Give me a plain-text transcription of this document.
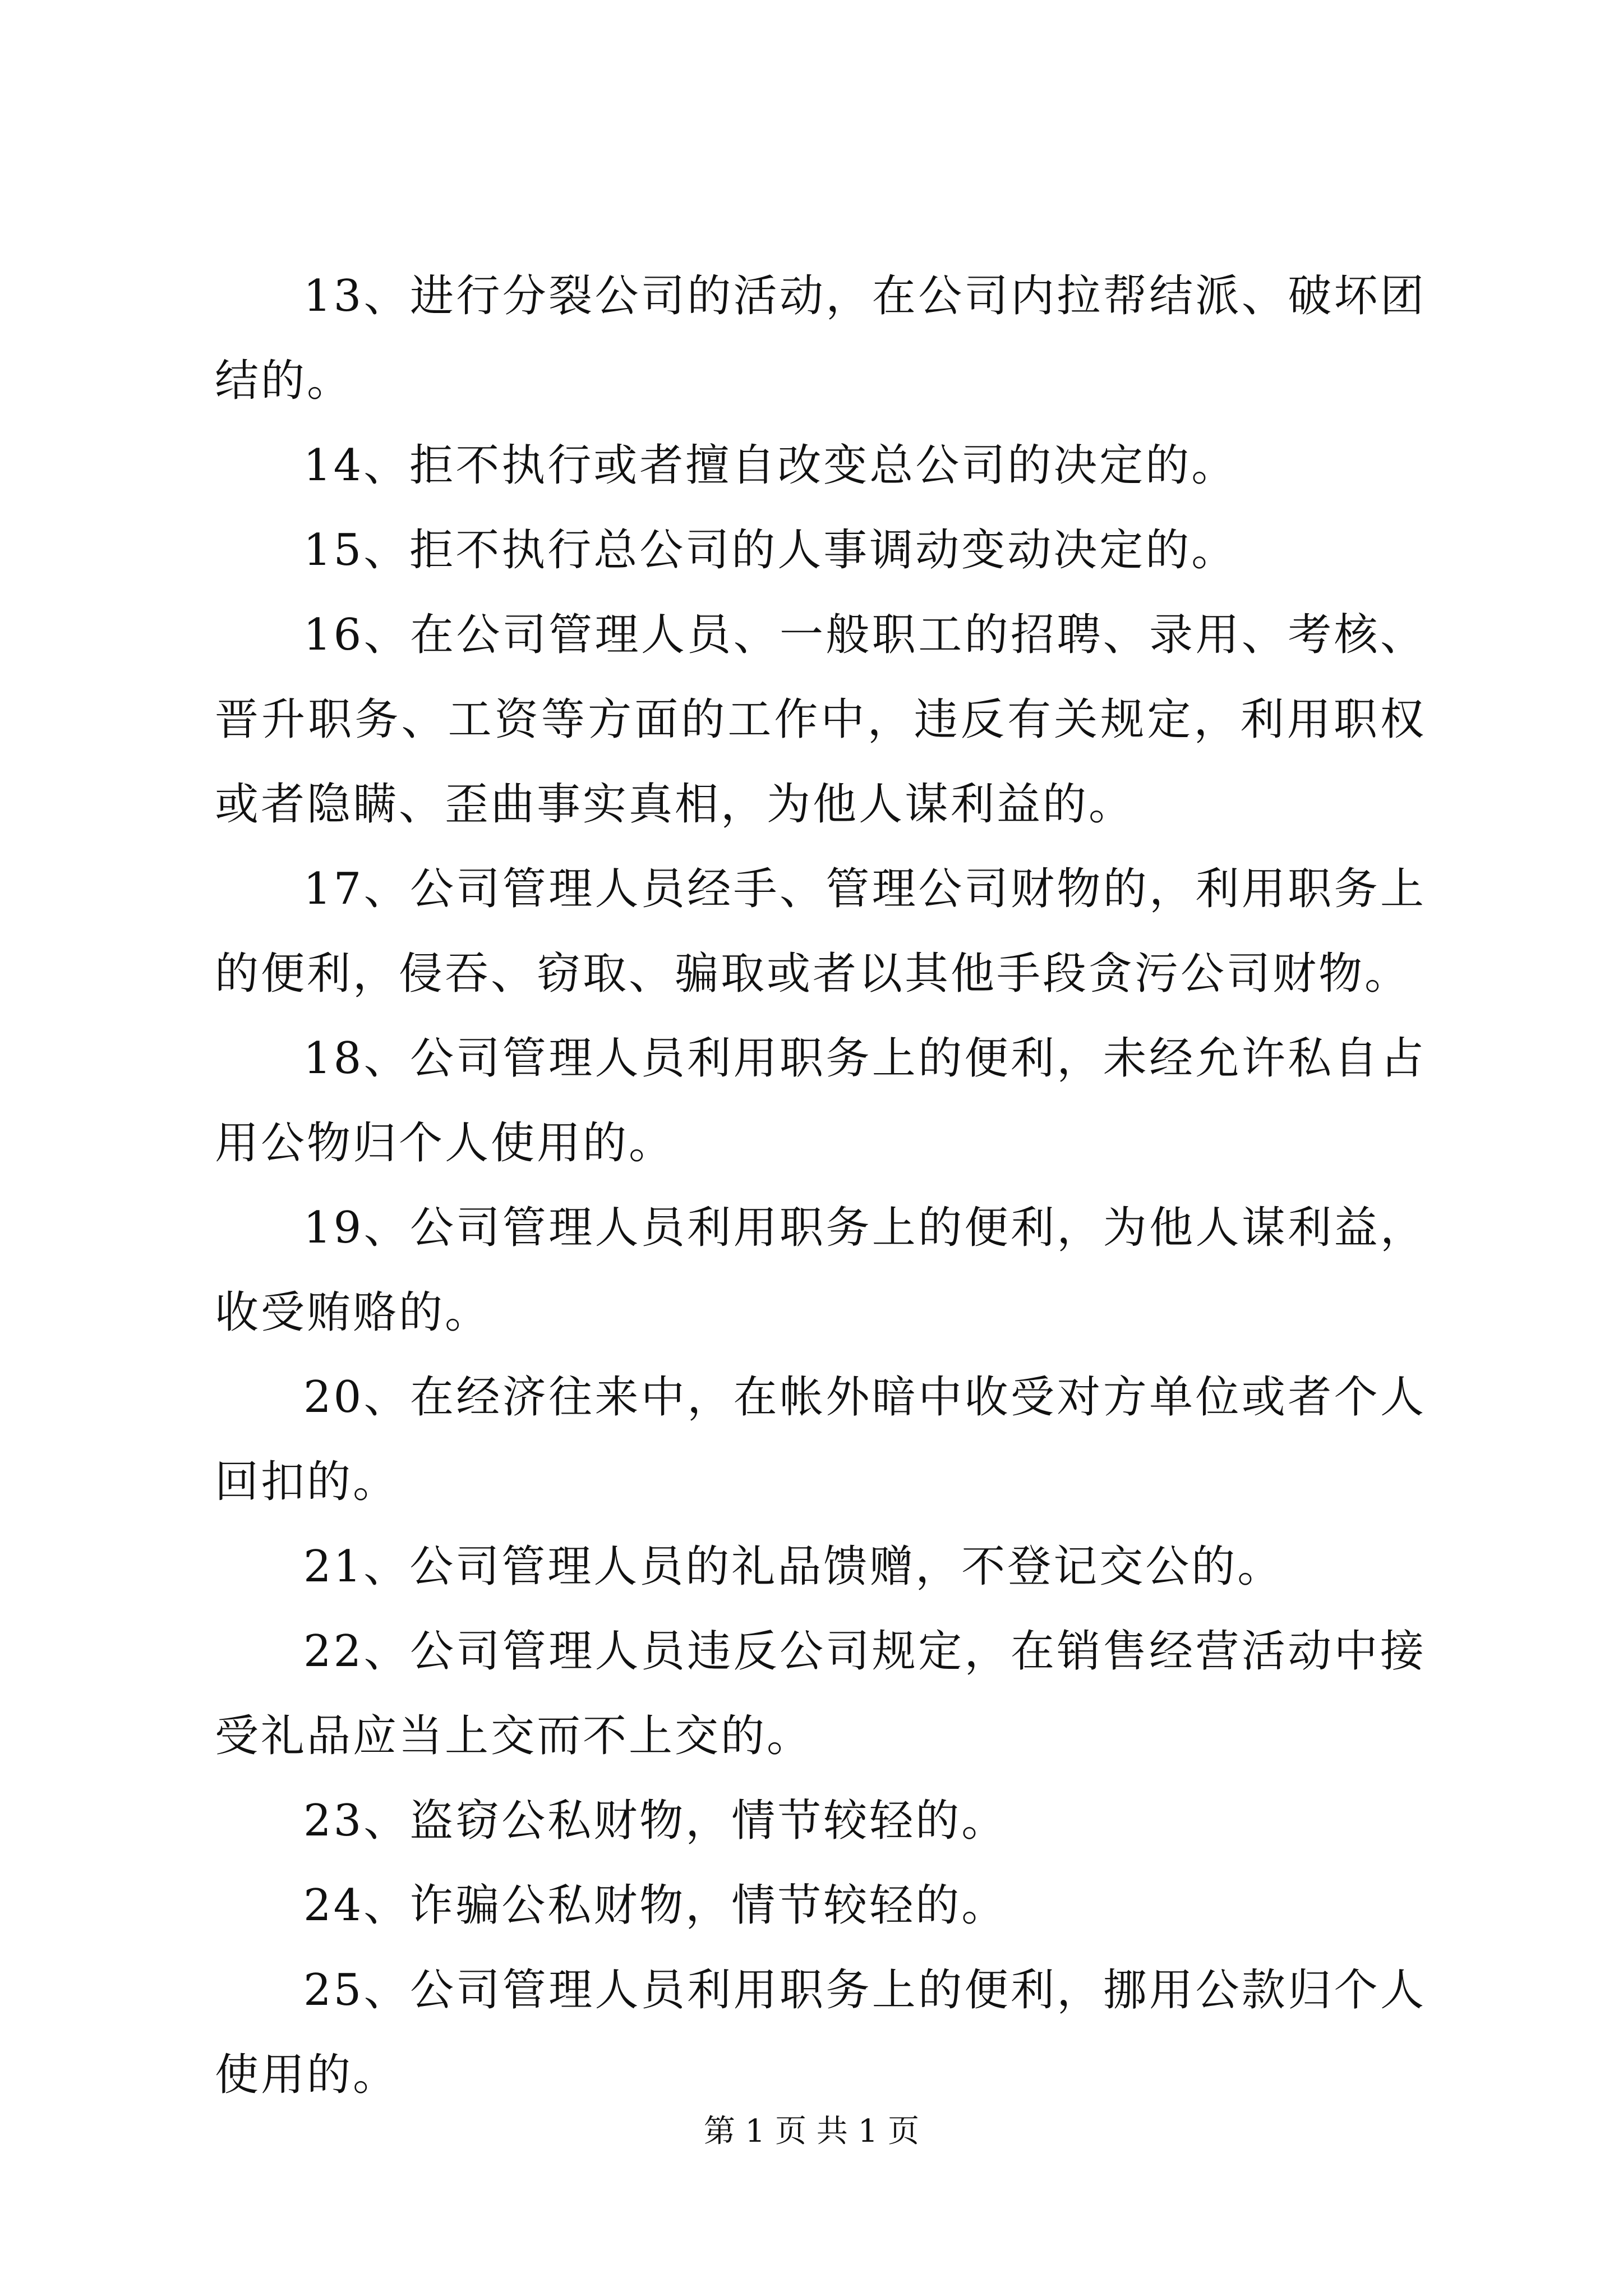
13、进行分裂公司的活动，在公司内拉帮结派、破坏团结的。

14、拒不执行或者擅自改变总公司的决定的。

15、拒不执行总公司的人事调动变动决定的。

16、在公司管理人员、一般职工的招聘、录用、考核、晋升职务、工资等方面的工作中，违反有关规定，利用职权或者隐瞒、歪曲事实真相，为他人谋利益的。

17、公司管理人员经手、管理公司财物的，利用职务上的便利，侵吞、窃取、骗取或者以其他手段贪污公司财物。

18、公司管理人员利用职务上的便利，未经允许私自占用公物归个人使用的。

19、公司管理人员利用职务上的便利，为他人谋利益，收受贿赂的。

20、在经济往来中，在帐外暗中收受对方单位或者个人回扣的。

21、公司管理人员的礼品馈赠，不登记交公的。

22、公司管理人员违反公司规定，在销售经营活动中接受礼品应当上交而不上交的。

23、盗窃公私财物，情节较轻的。

24、诈骗公私财物，情节较轻的。

25、公司管理人员利用职务上的便利，挪用公款归个人使用的。

第 1 页 共 1 页
